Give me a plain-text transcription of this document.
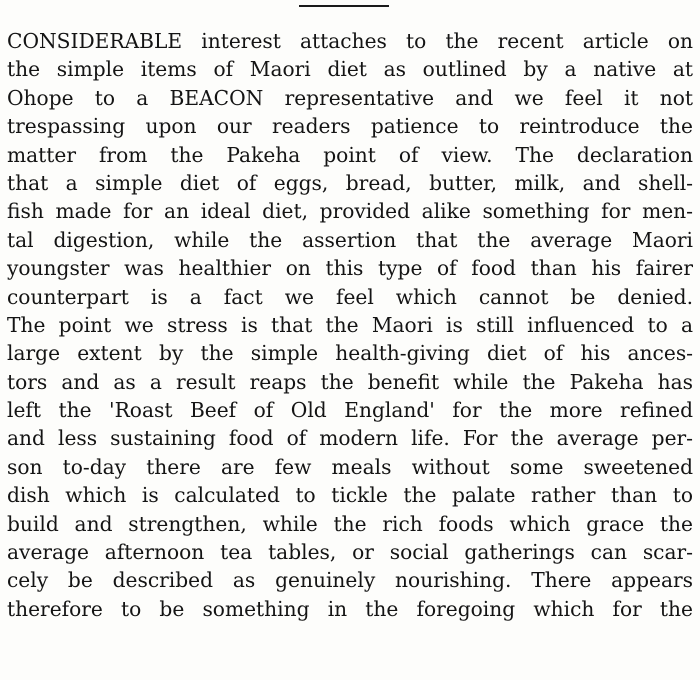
CONSIDERABLE interest attaches to the recent article on
the simple items of Maori diet as outlined by a native at
Ohope to a BEACON representative and we feel it not
trespassing upon our readers patience to reintroduce the
matter from the Pakeha point of view. The declaration
that a simple diet of eggs, bread, butter, milk, and shell-
fish made for an ideal diet, provided alike something for men-
tal digestion, while the assertion that the average Maori
youngster was healthier on this type of food than his fairer
counterpart is a fact we feel which cannot be denied.
The point we stress is that the Maori is still influenced to a
large extent by the simple health-giving diet of his ances-
tors and as a result reaps the benefit while the Pakeha has
left the 'Roast Beef of Old England' for the more refined
and less sustaining food of modern life. For the average per-
son to-day there are few meals without some sweetened
dish which is calculated to tickle the palate rather than to
build and strengthen, while the rich foods which grace the
average afternoon tea tables, or social gatherings can scar-
cely be described as genuinely nourishing. There appears
therefore to be something in the foregoing which for the
